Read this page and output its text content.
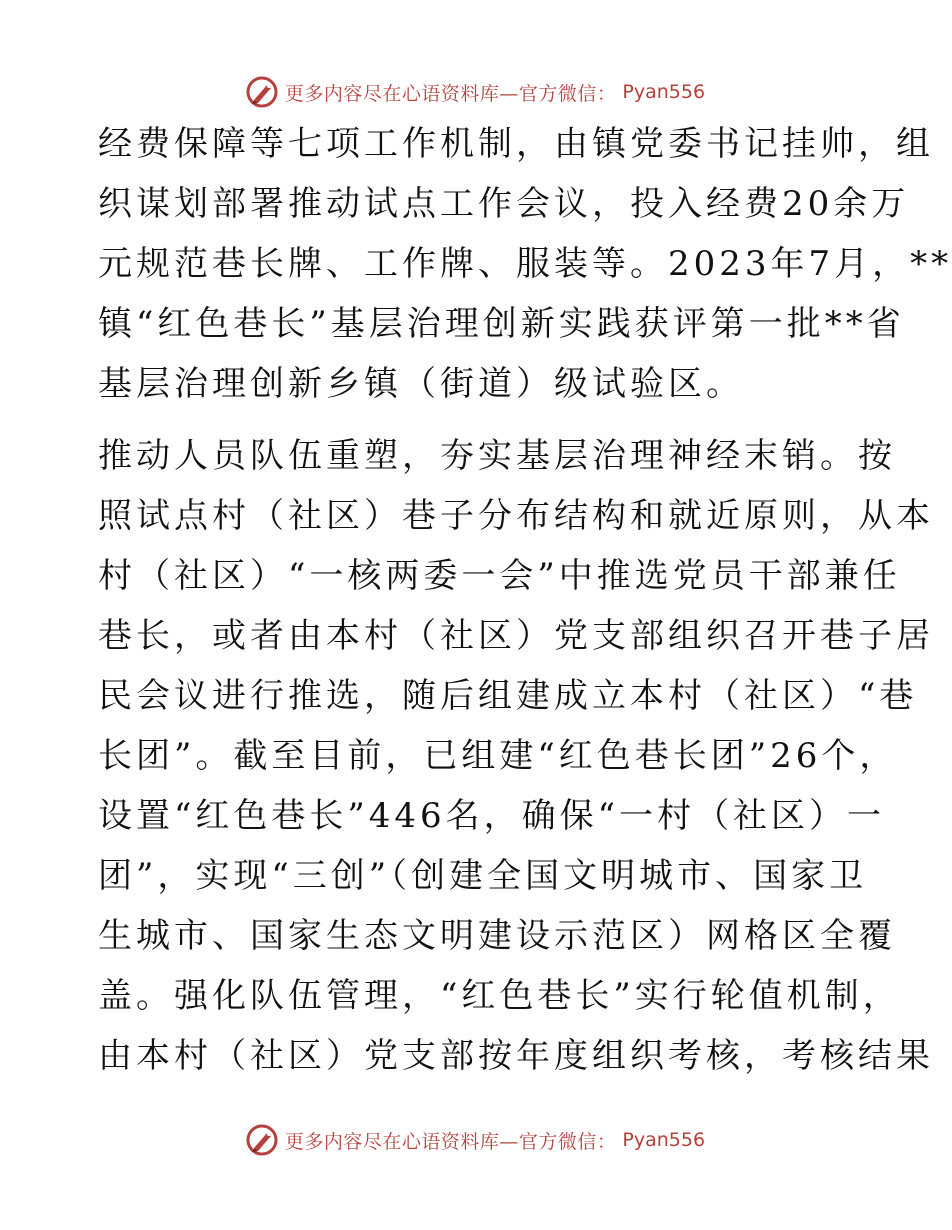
更多内容尽在心语资料库—官方微信： Pyan556
经费保障等七项工作机制，由镇党委书记挂帅，组
织谋划部署推动试点工作会议，投入经费20余万
元规范巷长牌、工作牌、服装等。2023年7月，**
镇“红色巷长”基层治理创新实践获评第一批**省
基层治理创新乡镇（街道）级试验区。
推动人员队伍重塑，夯实基层治理神经末销。按
照试点村（社区）巷子分布结构和就近原则，从本
村（社区）“一核两委一会”中推选党员干部兼任
巷长，或者由本村（社区）党支部组织召开巷子居
民会议进行推选，随后组建成立本村（社区）“巷
长团”。截至目前，已组建“红色巷长团”26个，
设置“红色巷长”446名，确保“一村（社区）一
团”，实现“三创”（创建全国文明城市、国家卫
生城市、国家生态文明建设示范区）网格区全覆
盖。强化队伍管理，“红色巷长”实行轮值机制，
由本村（社区）党支部按年度组织考核，考核结果
更多内容尽在心语资料库—官方微信： Pyan556
